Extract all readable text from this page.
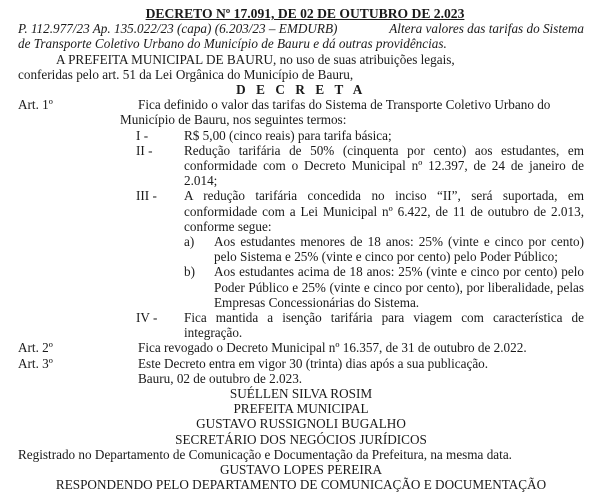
DECRETO Nº 17.091, DE 02 DE OUTUBRO DE 2.023
P. 112.977/23 Ap. 135.022/23 (capa) (6.203/23 – EMDURB)	Altera valores das tarifas do Sistema
de Transporte Coletivo Urbano do Município de Bauru e dá outras providências.
A PREFEITA MUNICIPAL DE BAURU, no uso de suas atribuições legais,
conferidas pelo art. 51 da Lei Orgânica do Município de Bauru,
D E C R E T A
Art. 1º	Fica definido o valor das tarifas do Sistema de Transporte Coletivo Urbano do
Município de Bauru, nos seguintes termos:
I -	R$ 5,00 (cinco reais) para tarifa básica;
II -	Redução tarifária de 50% (cinquenta por cento) aos estudantes, em conformidade com o Decreto Municipal nº 12.397, de 24 de janeiro de 2.014;
III -	A redução tarifária concedida no inciso “II”, será suportada, em conformidade com a Lei Municipal nº 6.422, de 11 de outubro de 2.013, conforme segue:
a)	Aos estudantes menores de 18 anos: 25% (vinte e cinco por cento) pelo Sistema e 25% (vinte e cinco por cento) pelo Poder Público;
b)	Aos estudantes acima de 18 anos: 25% (vinte e cinco por cento) pelo Poder Público e 25% (vinte e cinco por cento), por liberalidade, pelas Empresas Concessionárias do Sistema.
IV -	Fica mantida a isenção tarifária para viagem com característica de integração.
Art. 2º	Fica revogado o Decreto Municipal nº 16.357, de 31 de outubro de 2.022.
Art. 3º	Este Decreto entra em vigor 30 (trinta) dias após a sua publicação.
Bauru, 02 de outubro de 2.023.
SUÉLLEN SILVA ROSIM
PREFEITA MUNICIPAL
GUSTAVO RUSSIGNOLI BUGALHO
SECRETÁRIO DOS NEGÓCIOS JURÍDICOS
Registrado no Departamento de Comunicação e Documentação da Prefeitura, na mesma data.
GUSTAVO LOPES PEREIRA
RESPONDENDO PELO DEPARTAMENTO DE COMUNICAÇÃO E DOCUMENTAÇÃO
